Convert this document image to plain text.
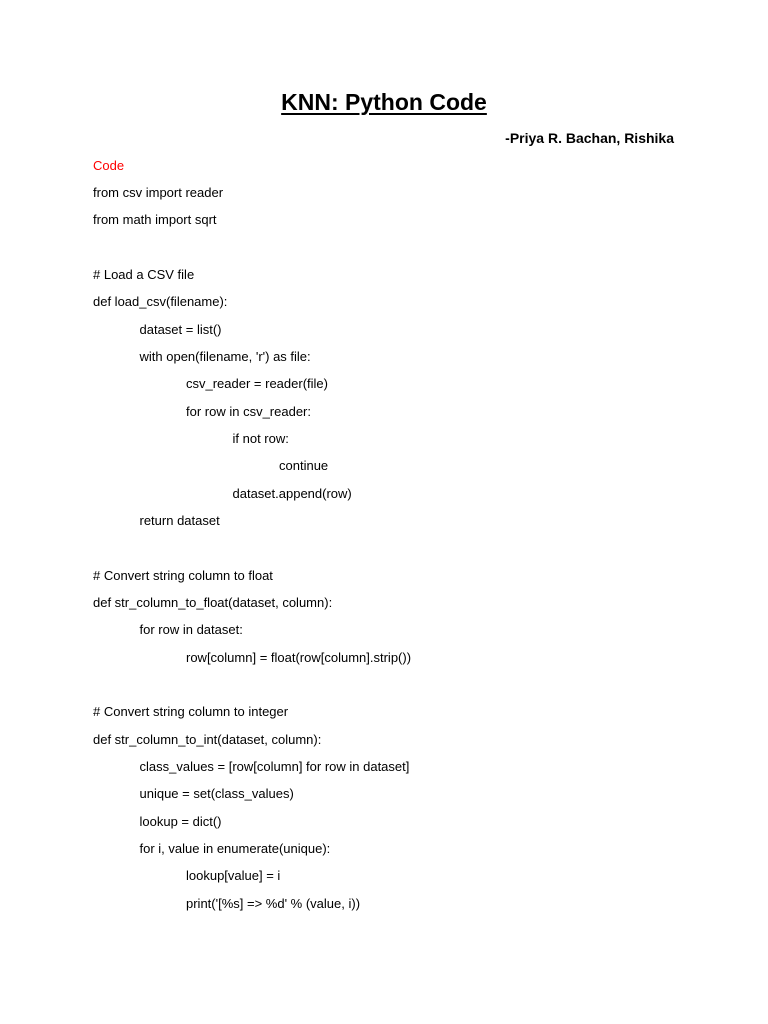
KNN: Python Code
-Priya R. Bachan, Rishika
Code
from csv import reader
from math import sqrt
# Load a CSV file
def load_csv(filename):
dataset = list()
with open(filename, 'r') as file:
csv_reader = reader(file)
for row in csv_reader:
if not row:
continue
dataset.append(row)
return dataset
# Convert string column to float
def str_column_to_float(dataset, column):
for row in dataset:
row[column] = float(row[column].strip())
# Convert string column to integer
def str_column_to_int(dataset, column):
class_values = [row[column] for row in dataset]
unique = set(class_values)
lookup = dict()
for i, value in enumerate(unique):
lookup[value] = i
print('[%s] => %d' % (value, i))
